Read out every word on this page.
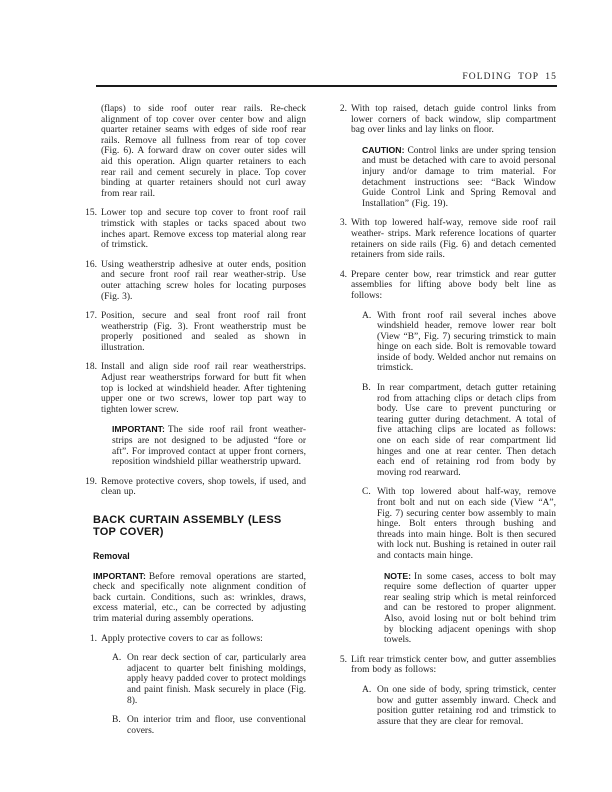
FOLDING TOP 15
(flaps) to side roof outer rear rails. Re-check alignment of top cover over center bow and align quarter retainer seams with edges of side roof rear rails. Remove all fullness from rear of top cover (Fig. 6). A forward draw on cover outer sides will aid this operation. Align quarter retainers to each rear rail and cement securely in place. Top cover binding at quarter retainers should not curl away from rear rail.
15. Lower top and secure top cover to front roof rail trimstick with staples or tacks spaced about two inches apart. Remove excess top material along rear of trimstick.
16. Using weatherstrip adhesive at outer ends, position and secure front roof rail rear weather-strip. Use outer attaching screw holes for locating purposes (Fig. 3).
17. Position, secure and seal front roof rail front weatherstrip (Fig. 3). Front weatherstrip must be properly positioned and sealed as shown in illustration.
18. Install and align side roof rail rear weatherstrips. Adjust rear weatherstrips forward for butt fit when top is locked at windshield header. After tightening upper one or two screws, lower top part way to tighten lower screw.
IMPORTANT: The side roof rail front weather-strips are not designed to be adjusted “fore or aft”. For improved contact at upper front corners, reposition windshield pillar weatherstrip upward.
19. Remove protective covers, shop towels, if used, and clean up.
BACK CURTAIN ASSEMBLY (LESS TOP COVER)
Removal
IMPORTANT: Before removal operations are started, check and specifically note alignment condition of back curtain. Conditions, such as: wrinkles, draws, excess material, etc., can be corrected by adjusting trim material during assembly operations.
1. Apply protective covers to car as follows:
A. On rear deck section of car, particularly area adjacent to quarter belt finishing moldings, apply heavy padded cover to protect moldings and paint finish. Mask securely in place (Fig. 8).
B. On interior trim and floor, use conventional covers.
2. With top raised, detach guide control links from lower corners of back window, slip compartment bag over links and lay links on floor.
CAUTION: Control links are under spring tension and must be detached with care to avoid personal injury and/or damage to trim material. For detachment instructions see: “Back Window Guide Control Link and Spring Removal and Installation” (Fig. 19).
3. With top lowered half-way, remove side roof rail weather- strips. Mark reference locations of quarter retainers on side rails (Fig. 6) and detach cemented retainers from side rails.
4. Prepare center bow, rear trimstick and rear gutter assemblies for lifting above body belt line as follows:
A. With front roof rail several inches above windshield header, remove lower rear bolt (View “B”, Fig. 7) securing trimstick to main hinge on each side. Bolt is removable toward inside of body. Welded anchor nut remains on trimstick.
B. In rear compartment, detach gutter retaining rod from attaching clips or detach clips from body. Use care to prevent puncturing or tearing gutter during detachment. A total of five attaching clips are located as follows: one on each side of rear compartment lid hinges and one at rear center. Then detach each end of retaining rod from body by moving rod rearward.
C. With top lowered about half-way, remove front bolt and nut on each side (View “A”, Fig. 7) securing center bow assembly to main hinge. Bolt enters through bushing and threads into main hinge. Bolt is then secured with lock nut. Bushing is retained in outer rail and contacts main hinge.
NOTE: In some cases, access to bolt may require some deflection of quarter upper rear sealing strip which is metal reinforced and can be restored to proper alignment. Also, avoid losing nut or bolt behind trim by blocking adjacent openings with shop towels.
5. Lift rear trimstick center bow, and gutter assemblies from body as follows:
A. On one side of body, spring trimstick, center bow and gutter assembly inward. Check and position gutter retaining rod and trimstick to assure that they are clear for removal.
